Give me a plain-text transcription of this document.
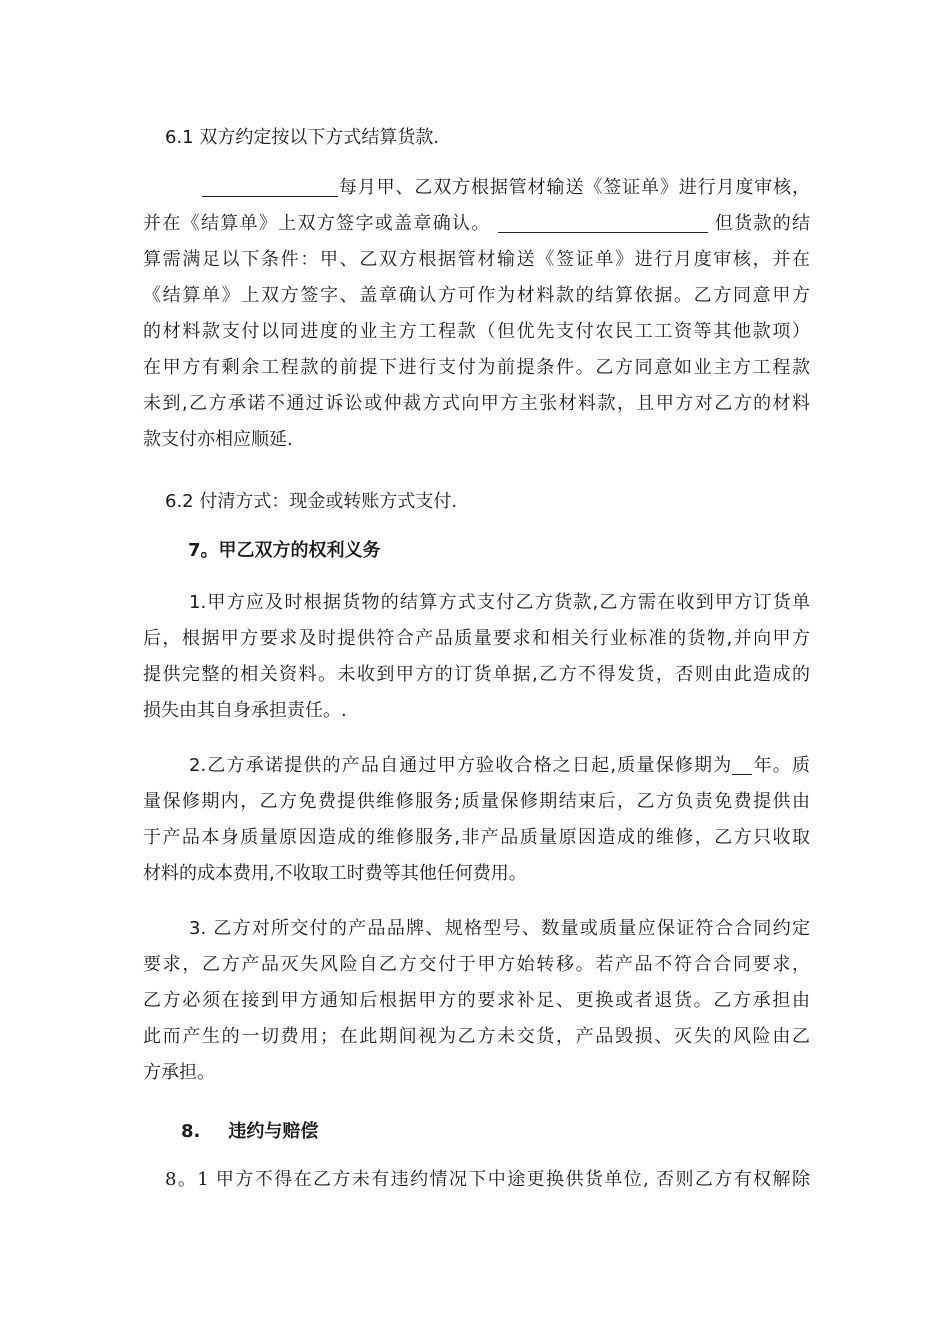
6.1 双方约定按以下方式结算货款.
每月甲、乙双方根据管材输送《签证单》进行月度审核，
并在《结算单》上双方签字或盖章确认。	但货款的结
算需满足以下条件：甲、乙双方根据管材输送《签证单》进行月度审核，并在
《结算单》上双方签字、盖章确认方可作为材料款的结算依据。乙方同意甲方
的材料款支付以同进度的业主方工程款（但优先支付农民工工资等其他款项）
在甲方有剩余工程款的前提下进行支付为前提条件。乙方同意如业主方工程款
未到,乙方承诺不通过诉讼或仲裁方式向甲方主张材料款，且甲方对乙方的材料
款支付亦相应顺延.
6.2 付清方式：现金或转账方式支付.
7。甲乙双方的权利义务
1.甲方应及时根据货物的结算方式支付乙方货款,乙方需在收到甲方订货单
后，根据甲方要求及时提供符合产品质量要求和相关行业标准的货物,并向甲方
提供完整的相关资料。未收到甲方的订货单据,乙方不得发货，否则由此造成的
损失由其自身承担责任。.
2.乙方承诺提供的产品自通过甲方验收合格之日起,质量保修期为 年。质
量保修期内，乙方免费提供维修服务;质量保修期结束后，乙方负责免费提供由
于产品本身质量原因造成的维修服务,非产品质量原因造成的维修，乙方只收取
材料的成本费用,不收取工时费等其他任何费用。
3. 乙方对所交付的产品品牌、规格型号、数量或质量应保证符合合同约定
要求，乙方产品灭失风险自乙方交付于甲方始转移。若产品不符合合同要求，
乙方必须在接到甲方通知后根据甲方的要求补足、更换或者退货。乙方承担由
此而产生的一切费用；在此期间视为乙方未交货，产品毁损、灭失的风险由乙
方承担。
8. 违约与赔偿
8。1 甲方不得在乙方未有违约情况下中途更换供货单位, 否则乙方有权解除
